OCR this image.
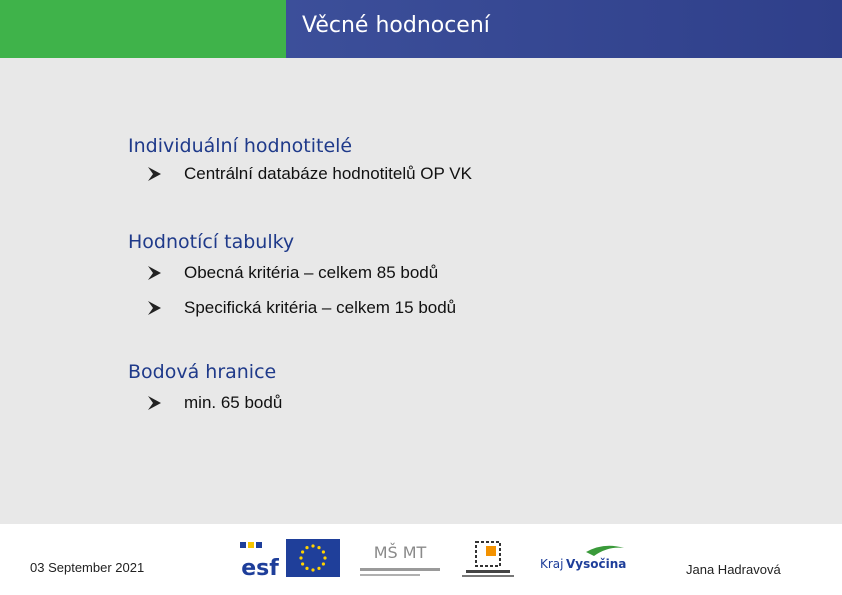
Věcné hodnocení
Individuální hodnotitelé
Centrální databáze hodnotitelů OP VK
Hodnotící tabulky
Obecná kritéria – celkem 85 bodů
Specifická kritéria – celkem 15 bodů
Bodová hranice
min. 65 bodů
03 September 2021	esf
MŠ MT
Kraj Vysočina	Jana Hadravová
